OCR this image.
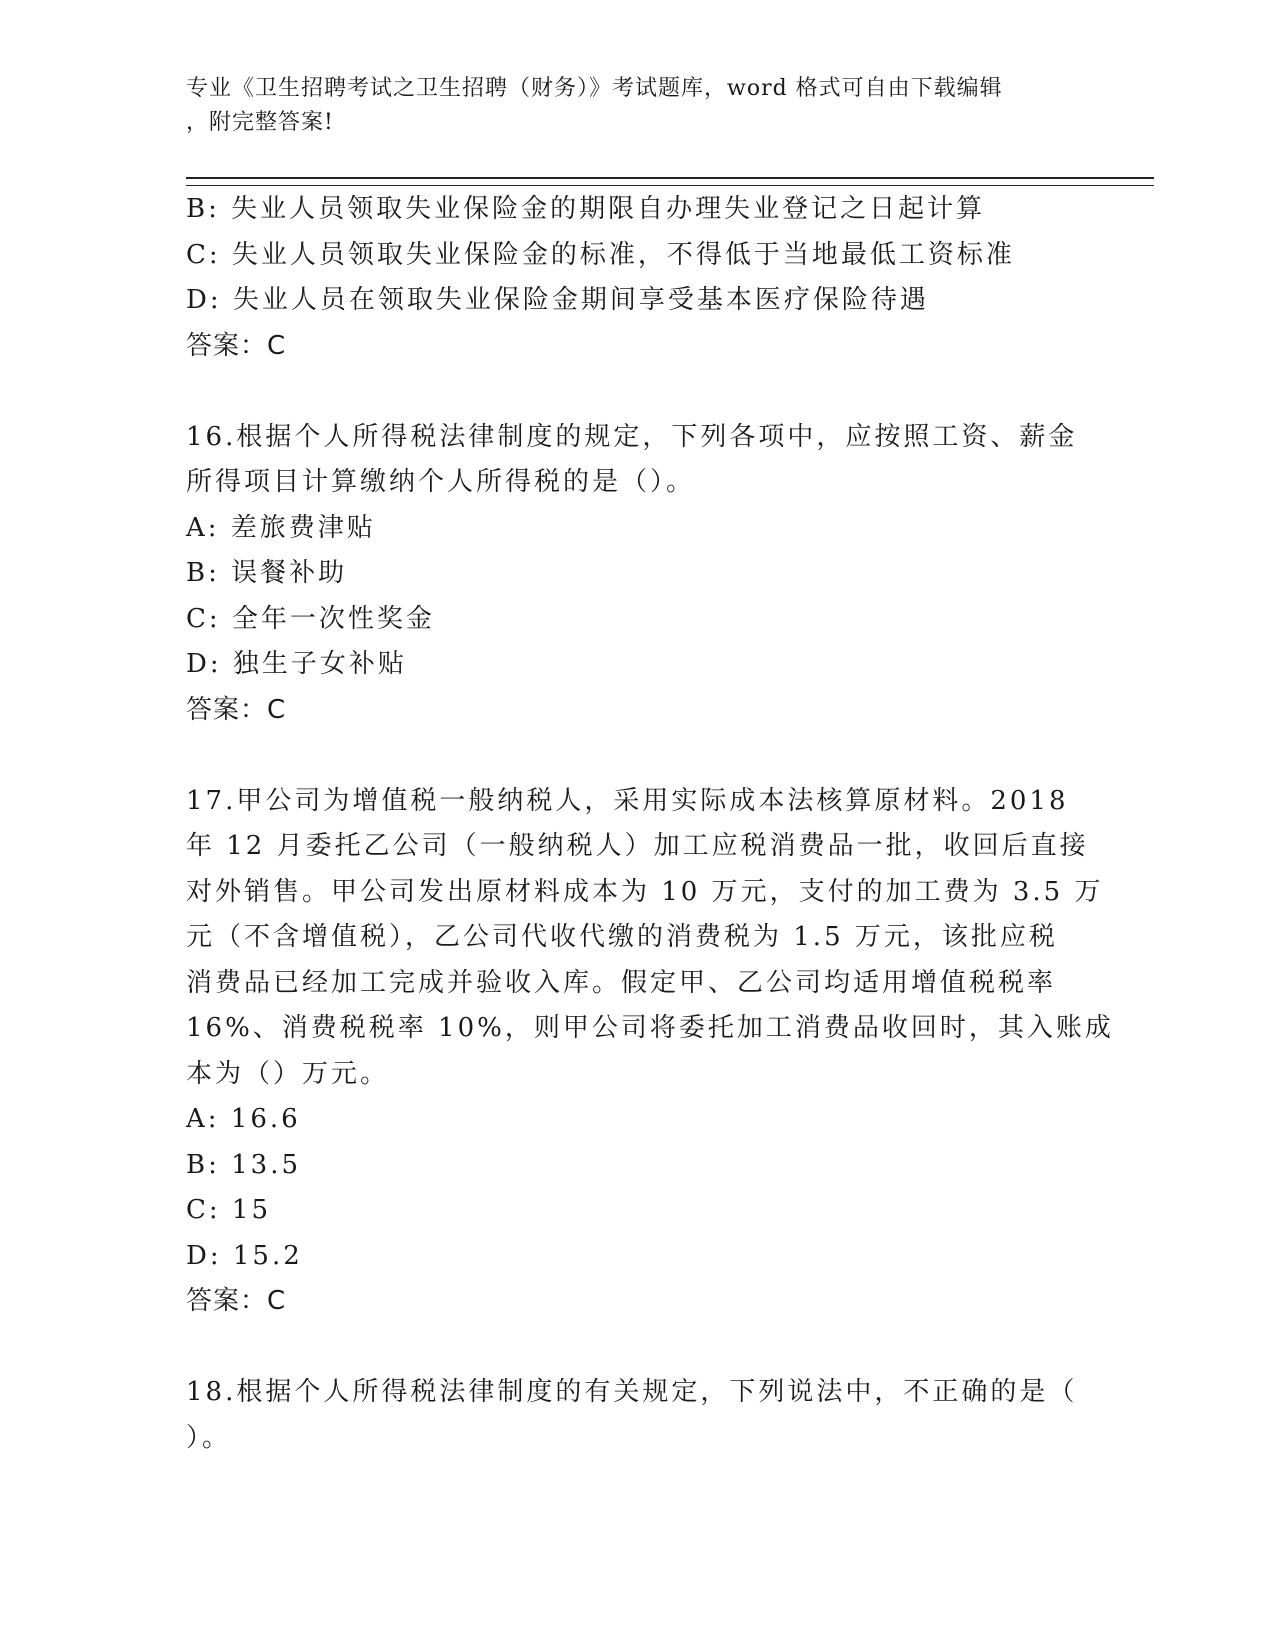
专业《卫生招聘考试之卫生招聘（财务）》考试题库，word 格式可自由下载编辑
，附完整答案!
B: 失业人员领取失业保险金的期限自办理失业登记之日起计算
C: 失业人员领取失业保险金的标准，不得低于当地最低工资标准
D: 失业人员在领取失业保险金期间享受基本医疗保险待遇
答案：C
16.根据个人所得税法律制度的规定，下列各项中，应按照工资、薪金
所得项目计算缴纳个人所得税的是（）。
A: 差旅费津贴
B: 误餐补助
C: 全年一次性奖金
D: 独生子女补贴
答案：C
17.甲公司为增值税一般纳税人，采用实际成本法核算原材料。2018
年 12 月委托乙公司（一般纳税人）加工应税消费品一批，收回后直接
对外销售。甲公司发出原材料成本为 10 万元，支付的加工费为 3.5 万
元（不含增值税），乙公司代收代缴的消费税为 1.5 万元，该批应税
消费品已经加工完成并验收入库。假定甲、乙公司均适用增值税税率
16%、消费税税率 10%，则甲公司将委托加工消费品收回时，其入账成
本为（）万元。
A: 16.6
B: 13.5
C: 15
D: 15.2
答案：C
18.根据个人所得税法律制度的有关规定，下列说法中，不正确的是（
）。
